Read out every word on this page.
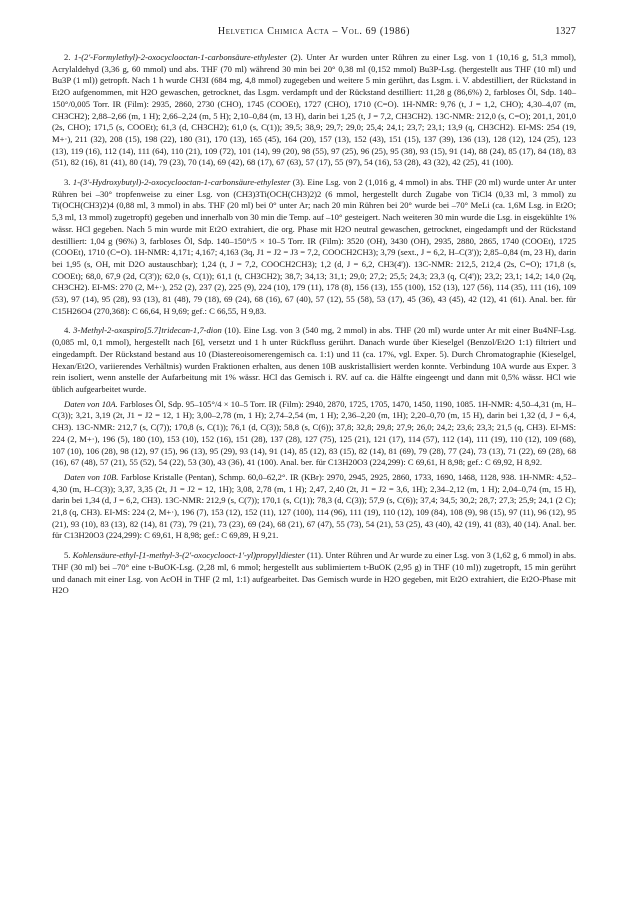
Helvetica Chimica Acta – Vol. 69 (1986)	1327

2. 1-(2'-Formylethyl)-2-oxocyclooctan-1-carbonsäure-ethylester (2). Unter Ar wurden unter Rühren zu einer Lsg. von 1 (10,16 g, 51,3 mmol), Acrylaldehyd (3,36 g, 60 mmol) und abs. THF (70 ml) während 30 min bei 20° 0,38 ml (0,152 mmol) Bu3P-Lsg. (hergestellt aus THF (10 ml) und Bu3P (1 ml)) getropft. Nach 1 h wurde CH3I (684 mg, 4,8 mmol) zugegeben und weitere 5 min gerührt, das Lsgm. i. V. abdestilliert, der Rückstand in Et2O aufgenommen, mit H2O gewaschen, getrocknet, das Lsgm. verdampft und der Rückstand destilliert: 11,28 g (86,6%) 2, farbloses Öl, Sdp. 140–150°/0,005 Torr. IR (Film): 2935, 2860, 2730 (CHO), 1745 (COOEt), 1727 (CHO), 1710 (C=O). 1H-NMR: 9,76 (t, J = 1,2, CHO); 4,30–4,07 (m, CH3CH2); 2,88–2,66 (m, 1 H); 2,66–2,24 (m, 5 H); 2,10–0,84 (m, 13 H), darin bei 1,25 (t, J = 7,2, CH3CH2). 13C-NMR: 212,0 (s, C=O); 201,1, 201,0 (2s, CHO); 171,5 (s, COOEt); 61,3 (d, CH3CH2); 61,0 (s, C(1)); 39,5; 38,9; 29,7; 29,0; 25,4; 24,1; 23,7; 23,1; 13,9 (q, CH3CH2). EI-MS: 254 (19, M+·), 211 (32), 208 (15), 198 (22), 180 (31), 170 (13), 165 (45), 164 (20), 157 (13), 152 (43), 151 (15), 137 (39), 136 (13), 128 (12), 124 (25), 123 (13), 119 (16), 112 (14), 111 (64), 110 (21), 109 (72), 101 (14), 99 (20), 98 (55), 97 (25), 96 (25), 95 (38), 93 (15), 91 (14), 88 (24), 85 (17), 84 (18), 83 (51), 82 (16), 81 (41), 80 (14), 79 (23), 70 (14), 69 (42), 68 (17), 67 (63), 57 (17), 55 (97), 54 (16), 53 (28), 43 (32), 42 (25), 41 (100).

3. 1-(3'-Hydroxybutyl)-2-oxocyclooctan-1-carbonsäure-ethylester (3). Eine Lsg. von 2 (1,016 g, 4 mmol) in abs. THF (20 ml) wurde unter Ar unter Rühren bei –30° tropfenweise zu einer Lsg. von (CH3)3Ti(OCH(CH3)2)2 (6 mmol, hergestellt durch Zugabe von TiCl4 (0,33 ml, 3 mmol) zu Ti(OCH(CH3)2)4 (0,88 ml, 3 mmol) in abs. THF (20 ml) bei 0° unter Ar; nach 20 min Rühren bei 20° wurde bei –70° MeLi (ca. 1,6M Lsg. in Et2O; 5,3 ml, 13 mmol) zugetropft) gegeben und innerhalb von 30 min die Temp. auf –10° gesteigert. Nach weiteren 30 min wurde die Lsg. in eisgekühlte 1% wässr. HCl gegeben. Nach 5 min wurde mit Et2O extrahiert, die org. Phase mit H2O neutral gewaschen, getrocknet, eingedampft und der Rückstand destilliert: 1,04 g (96%) 3, farbloses Öl, Sdp. 140–150°/5 × 10–5 Torr. IR (Film): 3520 (OH), 3430 (OH), 2935, 2880, 2865, 1740 (COOEt), 1725 (COOEt), 1710 (C=O). 1H-NMR: 4,171; 4,167; 4,163 (3q, J1 = J2 = J3 = 7,2, COOCH2CH3); 3,79 (sext., J = 6,2, H–C(3')); 2,85–0,84 (m, 23 H), darin bei 1,95 (s, OH, mit D2O austauschbar); 1,24 (t, J = 7,2, COOCH2CH3); 1,2 (d, J = 6,2, CH3(4')). 13C-NMR: 212,5, 212,4 (2s, C=O); 171,8 (s, COOEt); 68,0, 67,9 (2d, C(3')); 62,0 (s, C(1)); 61,1 (t, CH3CH2); 38,7; 34,13; 31,1; 29,0; 27,2; 25,5; 24,3; 23,3 (q, C(4')); 23,2; 23,1; 14,2; 14,0 (2q, CH3CH2). EI-MS: 270 (2, M+·), 252 (2), 237 (2), 225 (9), 224 (10), 179 (11), 178 (8), 156 (13), 155 (100), 152 (13), 127 (56), 114 (35), 111 (16), 109 (53), 97 (14), 95 (28), 93 (13), 81 (48), 79 (18), 69 (24), 68 (16), 67 (40), 57 (12), 55 (58), 53 (17), 45 (36), 43 (45), 42 (12), 41 (61). Anal. ber. für C15H26O4 (270,368): C 66,64, H 9,69; gef.: C 66,55, H 9,83.

4. 3-Methyl-2-oxaspiro[5.7]tridecan-1,7-dion (10). Eine Lsg. von 3 (540 mg, 2 mmol) in abs. THF (20 ml) wurde unter Ar mit einer Bu4NF-Lsg. (0,085 ml, 0,1 mmol), hergestellt nach [6], versetzt und 1 h unter Rückfluss gerührt. Danach wurde über Kieselgel (Benzol/Et2O 1:1) filtriert und eingedampft. Der Rückstand bestand aus 10 (Diastereoisomerengemisch ca. 1:1) und 11 (ca. 17%, vgl. Exper. 5). Durch Chromatographie (Kieselgel, Hexan/Et2O, variierendes Verhältnis) wurden Fraktionen erhalten, aus denen 10B auskristallisiert werden konnte. Verbindung 10A wurde aus Exper. 3 rein isoliert, wenn anstelle der Aufarbeitung mit 1% wässr. HCl das Gemisch i. RV. auf ca. die Hälfte eingeengt und dann mit 0,5% wässr. HCl wie üblich aufgearbeitet wurde.

Daten von 10A. Farbloses Öl, Sdp. 95–105°/4 × 10–5 Torr. IR (Film): 2940, 2870, 1725, 1705, 1470, 1450, 1190, 1085. 1H-NMR: 4,50–4,31 (m, H–C(3)); 3,21, 3,19 (2t, J1 = J2 = 12, 1 H); 3,00–2,78 (m, 1 H); 2,74–2,54 (m, 1 H); 2,36–2,20 (m, 1H); 2,20–0,70 (m, 15 H), darin bei 1,32 (d, J = 6,4, CH3). 13C-NMR: 212,7 (s, C(7)); 170,8 (s, C(1)); 76,1 (d, C(3)); 58,8 (s, C(6)); 37,8; 32,8; 29,8; 27,9; 26,0; 24,2; 23,6; 23,3; 21,5 (q, CH3). EI-MS: 224 (2, M+·), 196 (5), 180 (10), 153 (10), 152 (16), 151 (28), 137 (28), 127 (75), 125 (21), 121 (17), 114 (57), 112 (14), 111 (19), 110 (12), 109 (68), 107 (10), 106 (28), 98 (12), 97 (15), 96 (13), 95 (29), 93 (14), 91 (14), 85 (12), 83 (15), 82 (14), 81 (69), 79 (28), 77 (24), 73 (13), 71 (22), 69 (28), 68 (16), 67 (48), 57 (21), 55 (52), 54 (22), 53 (30), 43 (36), 41 (100). Anal. ber. für C13H20O3 (224,299): C 69,61, H 8,98; gef.: C 69,92, H 8,92.

Daten von 10B. Farblose Kristalle (Pentan), Schmp. 60,0–62,2°. IR (KBr): 2970, 2945, 2925, 2860, 1733, 1690, 1468, 1128, 938. 1H-NMR: 4,52–4,30 (m, H–C(3)); 3,37, 3,35 (2t, J1 = J2 = 12, 1H); 3,08, 2,78 (m, 1 H); 2,47, 2,40 (2t, J1 = J2 = 3,6, 1H); 2,34–2,12 (m, 1 H); 2,04–0,74 (m, 15 H), darin bei 1,34 (d, J = 6,2, CH3). 13C-NMR: 212,9 (s, C(7)); 170,1 (s, C(1)); 78,3 (d, C(3)); 57,9 (s, C(6)); 37,4; 34,5; 30,2; 28,7; 27,3; 25,9; 24,1 (2 C); 21,8 (q, CH3). EI-MS: 224 (2, M+·), 196 (7), 153 (12), 152 (11), 127 (100), 114 (96), 111 (19), 110 (12), 109 (84), 108 (9), 98 (15), 97 (11), 96 (12), 95 (21), 93 (10), 83 (13), 82 (14), 81 (73), 79 (21), 73 (23), 69 (24), 68 (21), 67 (47), 55 (73), 54 (21), 53 (25), 43 (40), 42 (19), 41 (83), 40 (14). Anal. ber. für C13H20O3 (224,299): C 69,61, H 8,98; gef.: C 69,89, H 9,21.

5. Kohlensäure-ethyl-[1-methyl-3-(2'-oxocyclooct-1'-yl)propyl]diester (11). Unter Rühren und Ar wurde zu einer Lsg. von 3 (1,62 g, 6 mmol) in abs. THF (30 ml) bei –70° eine t-BuOK-Lsg. (2,28 ml, 6 mmol; hergestellt aus sublimiertem t-BuOK (2,95 g) in THF (10 ml)) zugetropft, 15 min gerührt und danach mit einer Lsg. von AcOH in THF (2 ml, 1:1) aufgearbeitet. Das Gemisch wurde in H2O gegeben, mit Et2O extrahiert, die Et2O-Phase mit H2O
